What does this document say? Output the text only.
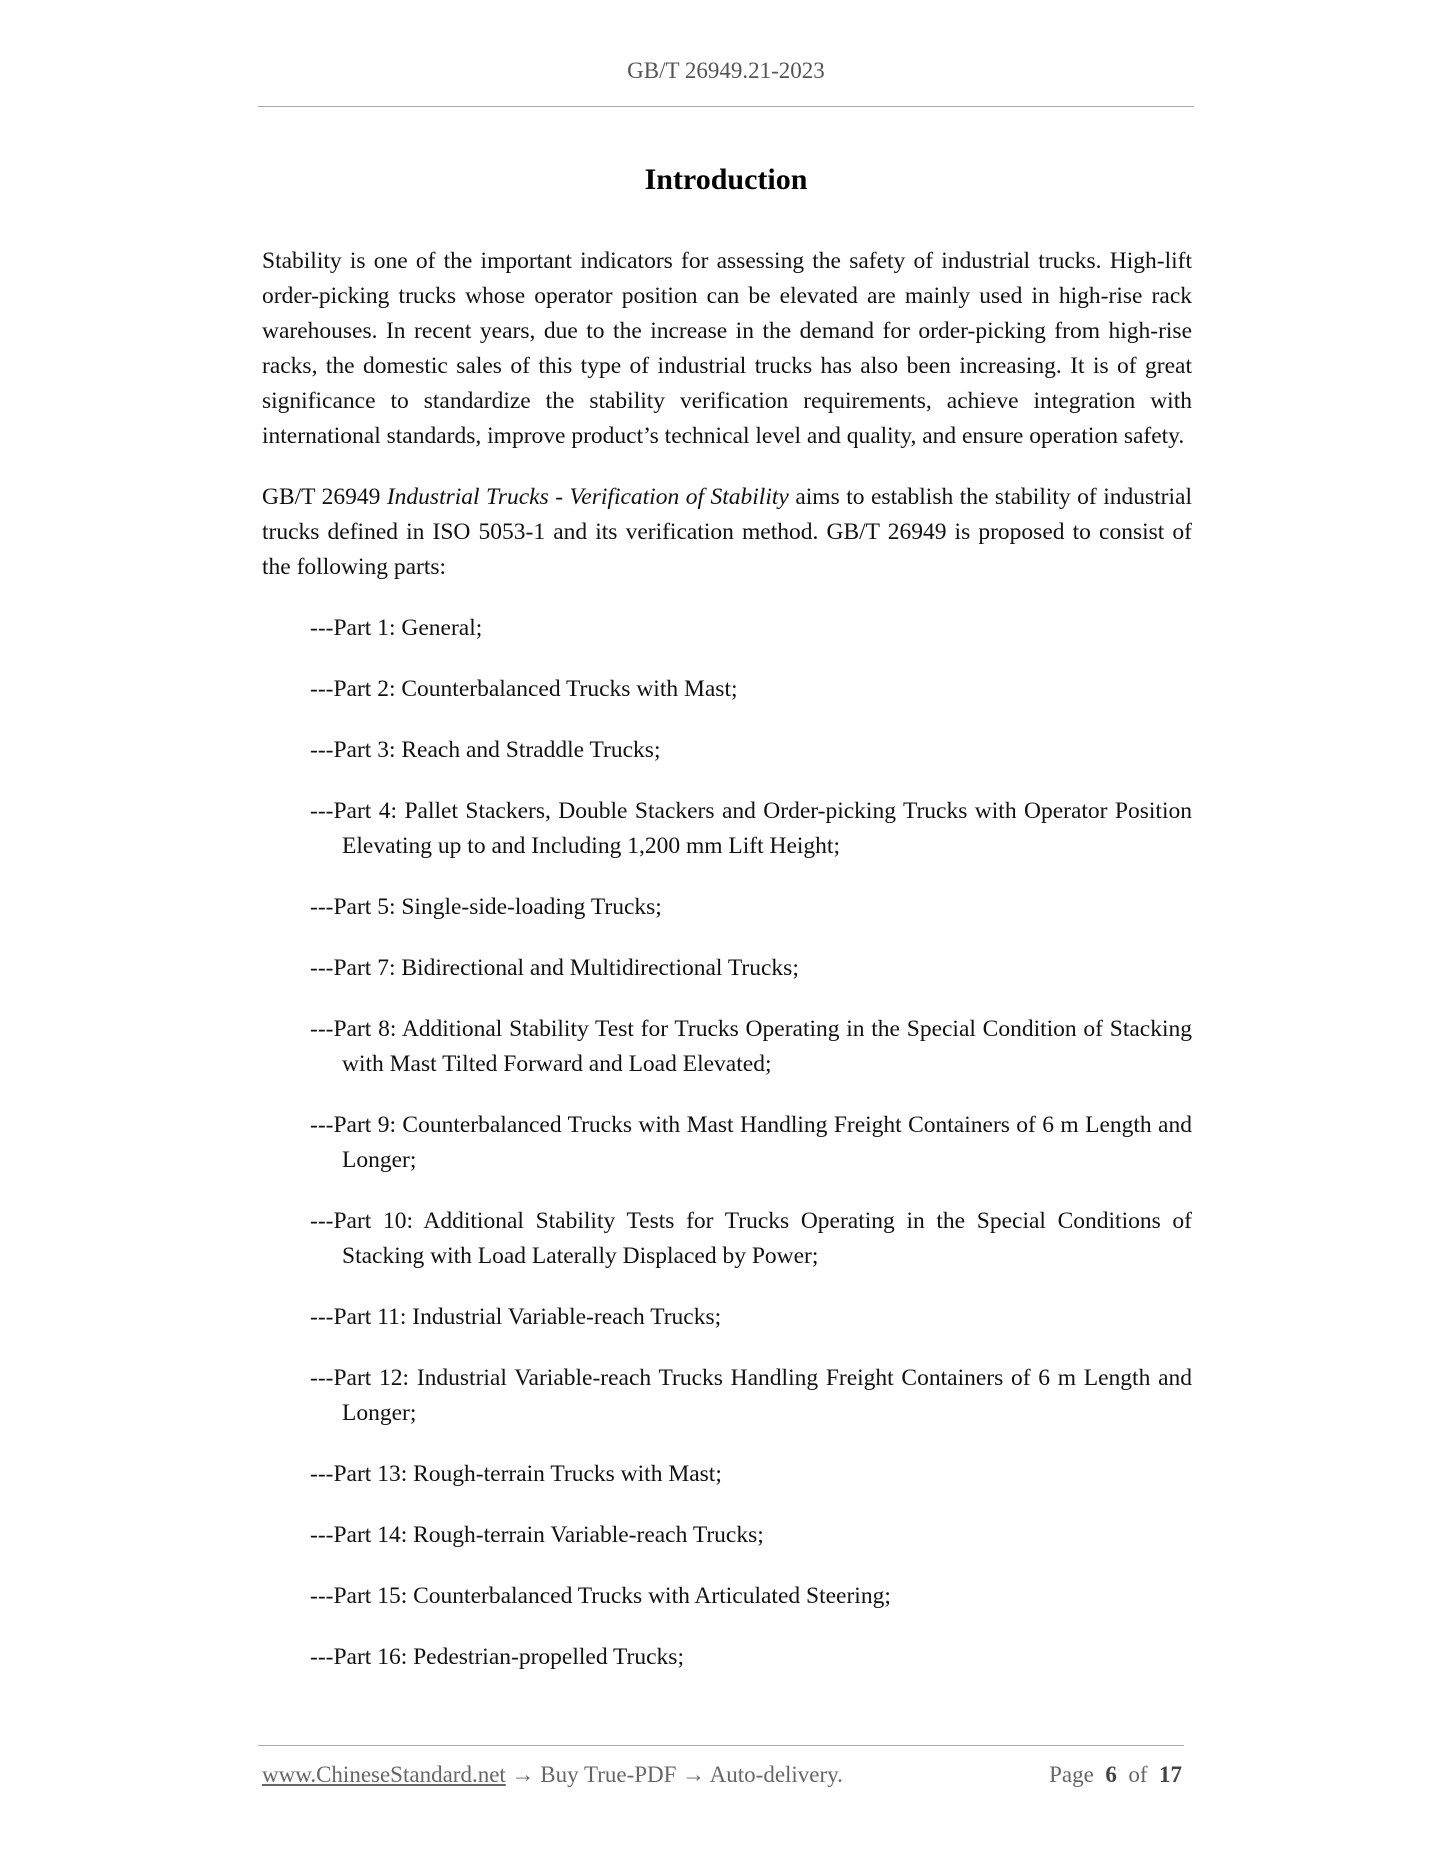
GB/T 26949.21-2023
Introduction

Stability is one of the important indicators for assessing the safety of industrial trucks. High-lift order-picking trucks whose operator position can be elevated are mainly used in high-rise rack warehouses. In recent years, due to the increase in the demand for order-picking from high-rise racks, the domestic sales of this type of industrial trucks has also been increasing. It is of great significance to standardize the stability verification requirements, achieve integration with international standards, improve product’s technical level and quality, and ensure operation safety.

GB/T 26949 Industrial Trucks - Verification of Stability aims to establish the stability of industrial trucks defined in ISO 5053-1 and its verification method. GB/T 26949 is proposed to consist of the following parts:

---Part 1: General;
---Part 2: Counterbalanced Trucks with Mast;
---Part 3: Reach and Straddle Trucks;
---Part 4: Pallet Stackers, Double Stackers and Order-picking Trucks with Operator Position Elevating up to and Including 1,200 mm Lift Height;
---Part 5: Single-side-loading Trucks;
---Part 7: Bidirectional and Multidirectional Trucks;
---Part 8: Additional Stability Test for Trucks Operating in the Special Condition of Stacking with Mast Tilted Forward and Load Elevated;
---Part 9: Counterbalanced Trucks with Mast Handling Freight Containers of 6 m Length and Longer;
---Part 10: Additional Stability Tests for Trucks Operating in the Special Conditions of Stacking with Load Laterally Displaced by Power;
---Part 11: Industrial Variable-reach Trucks;
---Part 12: Industrial Variable-reach Trucks Handling Freight Containers of 6 m Length and Longer;
---Part 13: Rough-terrain Trucks with Mast;
---Part 14: Rough-terrain Variable-reach Trucks;
---Part 15: Counterbalanced Trucks with Articulated Steering;
---Part 16: Pedestrian-propelled Trucks;
www.ChineseStandard.net → Buy True-PDF → Auto-delivery.	Page 6 of 17
